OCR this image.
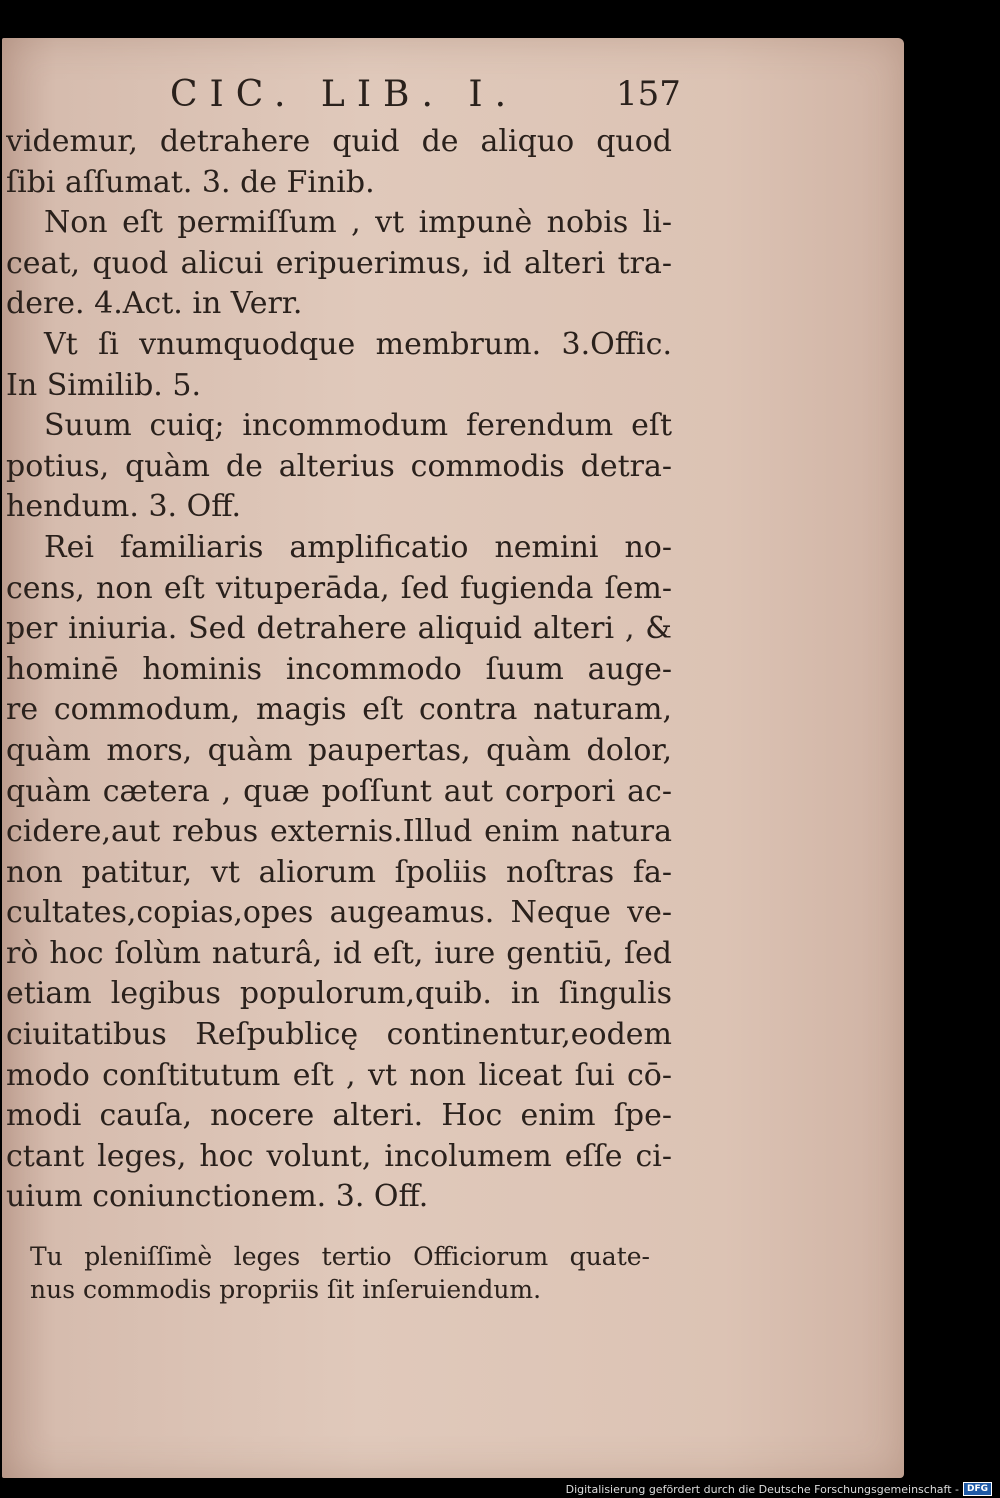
CIC. LIB. I.	157
videmur, detrahere quid de aliquo quod
ſibi aſſumat. 3. de Finib.
Non eſt permiſſum , vt impunè nobis li-
ceat, quod alicui eripuerimus, id alteri tra-
dere. 4.Act. in Verr.
Vt ſi vnumquodque membrum. 3.Offic.
In Similib. 5.
Suum cuiq; incommodum ferendum eſt
potius, quàm de alterius commodis detra-
hendum. 3. Off.
Rei familiaris amplificatio nemini no-
cens, non eſt vituperāda, ſed fugienda ſem-
per iniuria. Sed detrahere aliquid alteri , &
hominē hominis incommodo ſuum auge-
re commodum, magis eſt contra naturam,
quàm mors, quàm paupertas, quàm dolor,
quàm cætera , quæ poſſunt aut corpori ac-
cidere,aut rebus externis.Illud enim natura
non patitur, vt aliorum ſpoliis noſtras fa-
cultates,copias,opes augeamus. Neque ve-
rò hoc ſolùm naturâ, id eſt, iure gentiū, ſed
etiam legibus populorum,quib. in ſingulis
ciuitatibus Reſpublicę continentur,eodem
modo conſtitutum eſt , vt non liceat ſui cō-
modi cauſa, nocere alteri. Hoc enim ſpe-
ctant leges, hoc volunt, incolumem eſſe ci-
uium coniunctionem. 3. Off.
Tu pleniſſimè leges tertio Officiorum quate-
nus commodis propriis ſit inſeruiendum.
Digitalisierung gefördert durch die Deutsche Forschungsgemeinschaft - DFG
